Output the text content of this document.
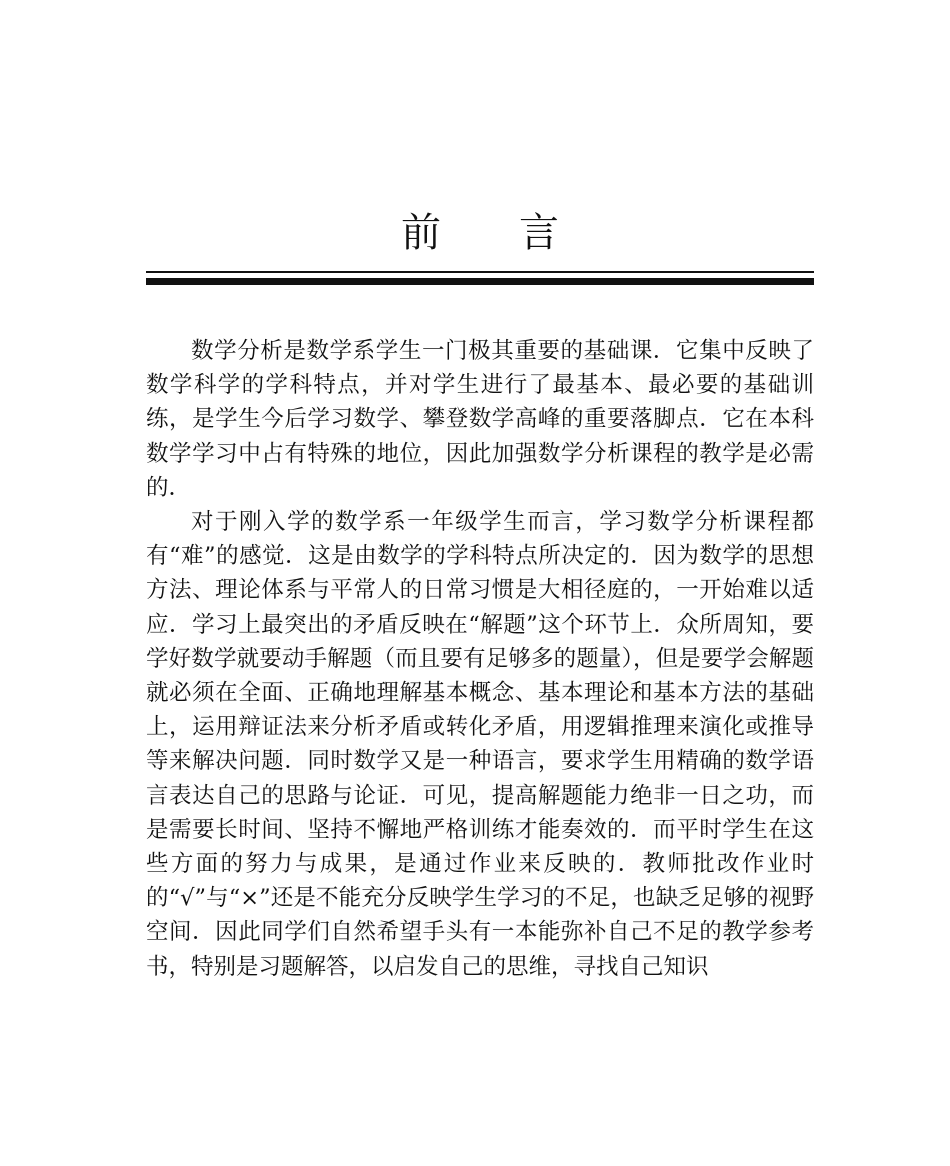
前言

数学分析是数学系学生一门极其重要的基础课．它集中反映了数学科学的学科特点，并对学生进行了最基本、最必要的基础训练，是学生今后学习数学、攀登数学高峰的重要落脚点．它在本科数学学习中占有特殊的地位，因此加强数学分析课程的教学是必需的．

对于刚入学的数学系一年级学生而言，学习数学分析课程都有“难”的感觉．这是由数学的学科特点所决定的．因为数学的思想方法、理论体系与平常人的日常习惯是大相径庭的，一开始难以适应．学习上最突出的矛盾反映在“解题”这个环节上．众所周知，要学好数学就要动手解题（而且要有足够多的题量），但是要学会解题就必须在全面、正确地理解基本概念、基本理论和基本方法的基础上，运用辩证法来分析矛盾或转化矛盾，用逻辑推理来演化或推导等来解决问题．同时数学又是一种语言，要求学生用精确的数学语言表达自己的思路与论证．可见，提高解题能力绝非一日之功，而是需要长时间、坚持不懈地严格训练才能奏效的．而平时学生在这些方面的努力与成果，是通过作业来反映的．教师批改作业时的“√”与“×”还是不能充分反映学生学习的不足，也缺乏足够的视野空间．因此同学们自然希望手头有一本能弥补自己不足的教学参考书，特别是习题解答，以启发自己的思维，寻找自己知识
